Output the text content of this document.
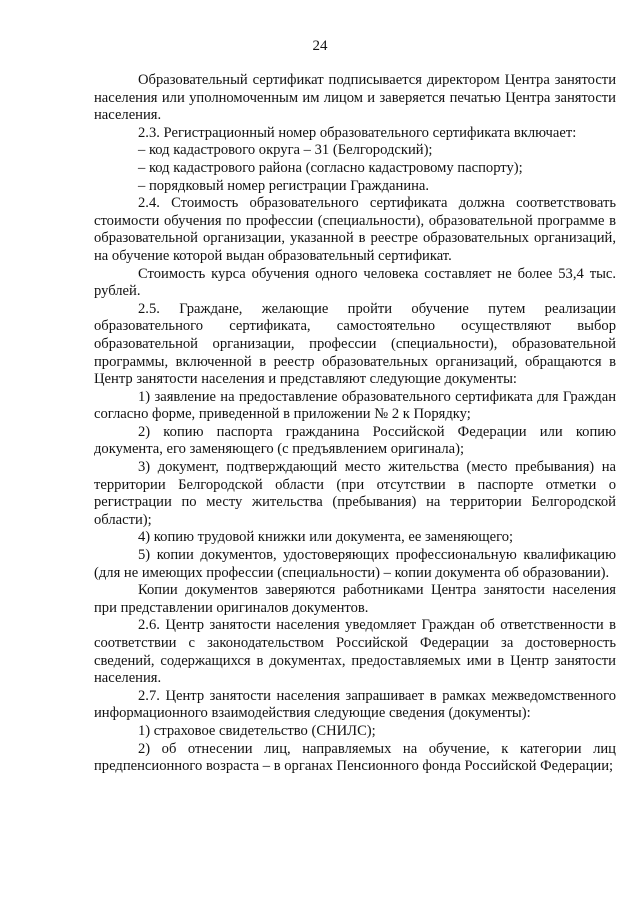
24

Образовательный сертификат подписывается директором Центра занятости населения или уполномоченным им лицом и заверяется печатью Центра занятости населения.

2.3. Регистрационный номер образовательного сертификата включает:

– код кадастрового округа – 31 (Белгородский);

– код кадастрового района (согласно кадастровому паспорту);

– порядковый номер регистрации Гражданина.

2.4. Стоимость образовательного сертификата должна соответствовать стоимости обучения по профессии (специальности), образовательной программе в образовательной организации, указанной в реестре образовательных организаций, на обучение которой выдан образовательный сертификат.

Стоимость курса обучения одного человека составляет не более 53,4 тыс. рублей.

2.5. Граждане, желающие пройти обучение путем реализации образовательного сертификата, самостоятельно осуществляют выбор образовательной организации, профессии (специальности), образовательной программы, включенной в реестр образовательных организаций, обращаются в Центр занятости населения и представляют следующие документы:

1) заявление на предоставление образовательного сертификата для Граждан согласно форме, приведенной в приложении № 2 к Порядку;

2) копию паспорта гражданина Российской Федерации или копию документа, его заменяющего (с предъявлением оригинала);

3) документ, подтверждающий место жительства (место пребывания) на территории Белгородской области (при отсутствии в паспорте отметки о регистрации по месту жительства (пребывания) на территории Белгородской области);

4) копию трудовой книжки или документа, ее заменяющего;

5) копии документов, удостоверяющих профессиональную квалификацию (для не имеющих профессии (специальности) – копии документа об образовании).

Копии документов заверяются работниками Центра занятости населения при представлении оригиналов документов.

2.6. Центр занятости населения уведомляет Граждан об ответственности в соответствии с законодательством Российской Федерации за достоверность сведений, содержащихся в документах, предоставляемых ими в Центр занятости населения.

2.7. Центр занятости населения запрашивает в рамках межведомственного информационного взаимодействия следующие сведения (документы):

1) страховое свидетельство (СНИЛС);

2) об отнесении лиц, направляемых на обучение, к категории лиц предпенсионного возраста – в органах Пенсионного фонда Российской Федерации;
